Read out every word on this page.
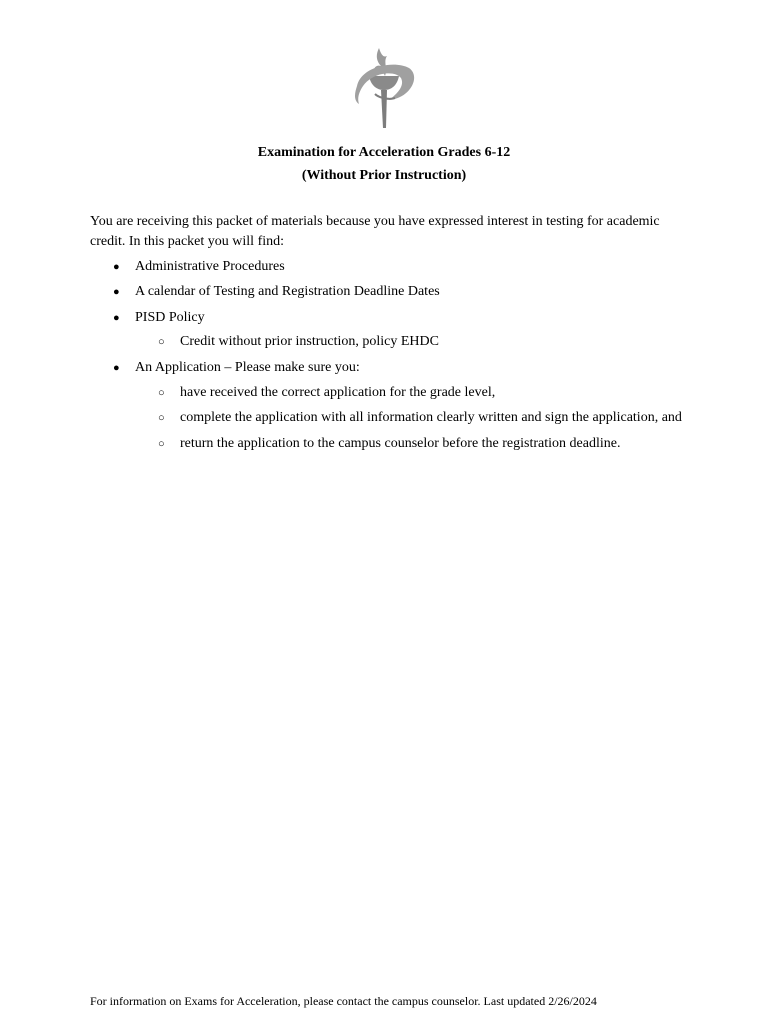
Examination for Acceleration Grades 6-12
(Without Prior Instruction)
You are receiving this packet of materials because you have expressed interest in testing for academic credit. In this packet you will find:
● Administrative Procedures
● A calendar of Testing and Registration Deadline Dates
● PISD Policy
○ Credit without prior instruction, policy EHDC
● An Application – Please make sure you:
○ have received the correct application for the grade level,
○ complete the application with all information clearly written and sign the application, and
○ return the application to the campus counselor before the registration deadline.
For information on Exams for Acceleration, please contact the campus counselor. Last updated 2/26/2024
